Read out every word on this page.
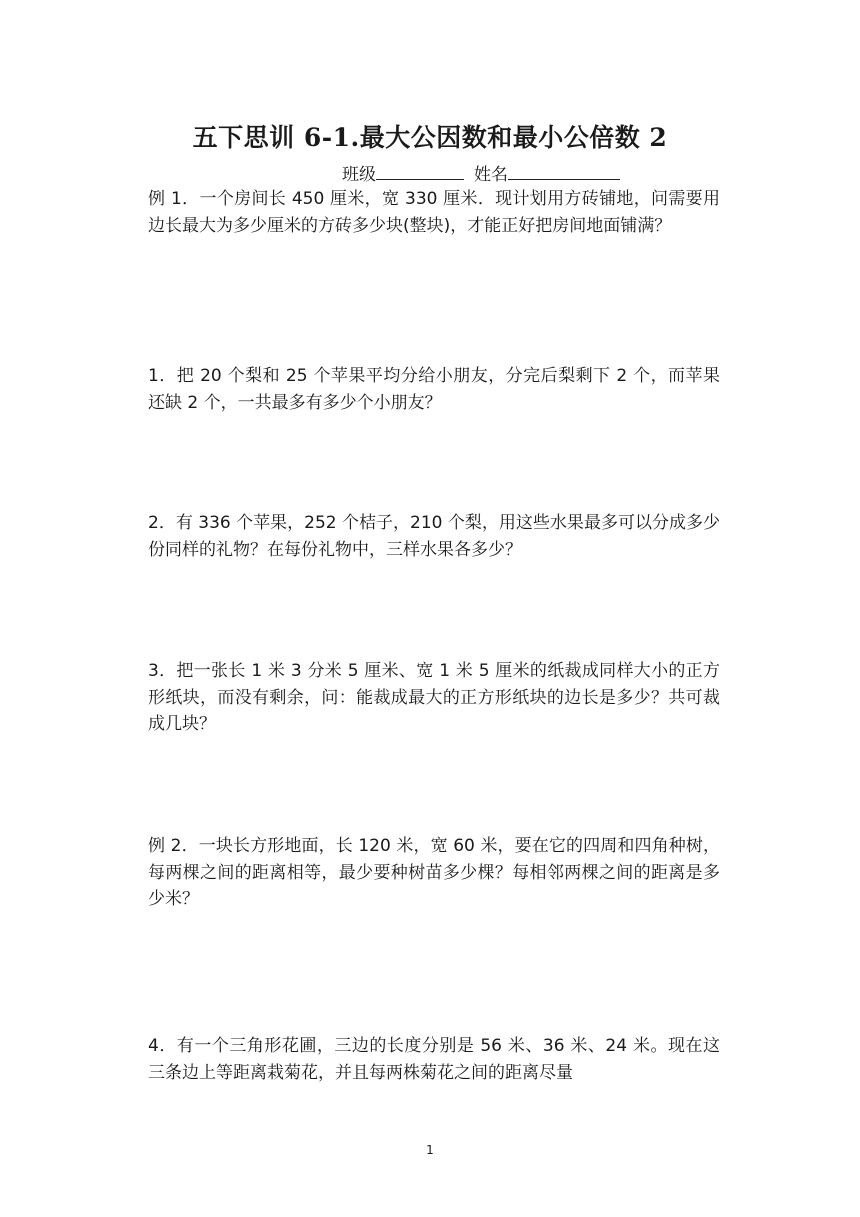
五下思训 6-1.最大公因数和最小公倍数 2
班级	姓名
例 1．一个房间长 450 厘米，宽 330 厘米．现计划用方砖铺地，问需要用边长最大为多少厘米的方砖多少块(整块)，才能正好把房间地面铺满？
1．把 20 个梨和 25 个苹果平均分给小朋友，分完后梨剩下 2 个，而苹果还缺 2 个，一共最多有多少个小朋友？
2．有 336 个苹果，252 个桔子，210 个梨，用这些水果最多可以分成多少份同样的礼物？在每份礼物中，三样水果各多少？
3．把一张长 1 米 3 分米 5 厘米、宽 1 米 5 厘米的纸裁成同样大小的正方形纸块，而没有剩余，问：能裁成最大的正方形纸块的边长是多少？共可裁成几块？
例 2．一块长方形地面，长 120 米，宽 60 米，要在它的四周和四角种树，每两棵之间的距离相等，最少要种树苗多少棵？每相邻两棵之间的距离是多少米？
4．有一个三角形花圃，三边的长度分别是 56 米、36 米、24 米。现在这三条边上等距离栽菊花，并且每两株菊花之间的距离尽量
1
